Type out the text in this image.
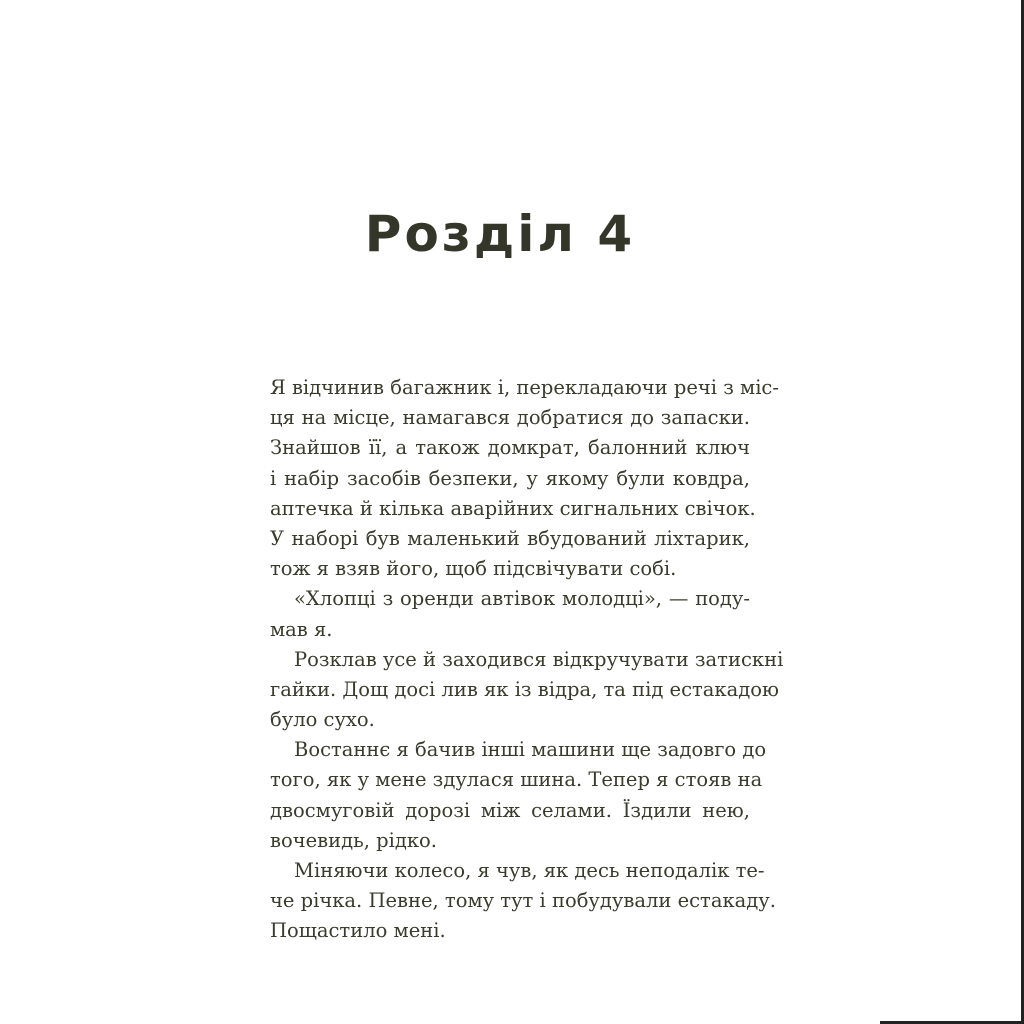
Розділ 4
Я відчинив багажник і, перекладаючи речі з міс-
ця на місце, намагався добратися до запаски.
Знайшов її, а також домкрат, балонний ключ
і набір засобів безпеки, у якому були ковдра,
аптечка й кілька аварійних сигнальних свічок.
У наборі був маленький вбудований ліхтарик,
тож я взяв його, щоб підсвічувати собі.
«Хлопці з оренди автівок молодці», — поду-
мав я.
Розклав усе й заходився відкручувати затискні
гайки. Дощ досі лив як із відра, та під естакадою
було сухо.
Востаннє я бачив інші машини ще задовго до
того, як у мене здулася шина. Тепер я стояв на
двосмуговій дорозі між селами. Їздили нею,
вочевидь, рідко.
Міняючи колесо, я чув, як десь неподалік те-
че річка. Певне, тому тут і побудували естакаду.
Пощастило мені.
